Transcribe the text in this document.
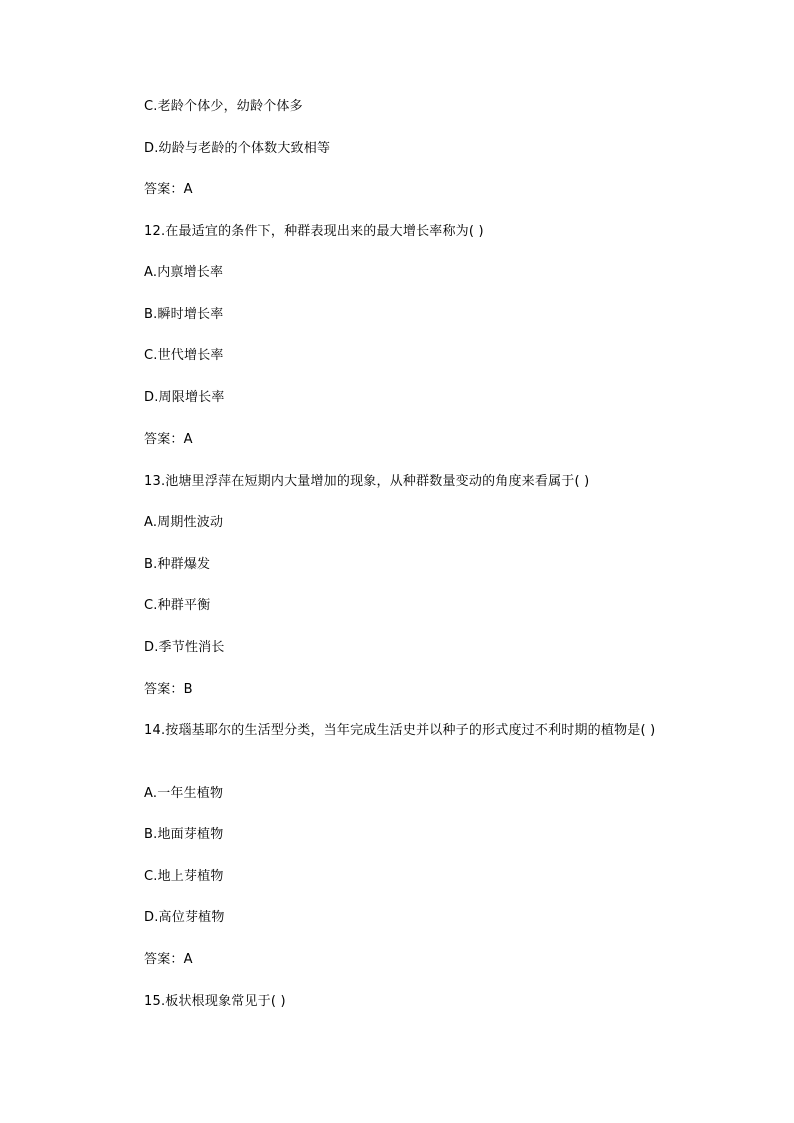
C.老龄个体少，幼龄个体多
D.幼龄与老龄的个体数大致相等
答案：A
12.在最适宜的条件下，种群表现出来的最大增长率称为( )
A.内禀增长率
B.瞬时增长率
C.世代增长率
D.周限增长率
答案：A
13.池塘里浮萍在短期内大量增加的现象，从种群数量变动的角度来看属于( )
A.周期性波动
B.种群爆发
C.种群平衡
D.季节性消长
答案：B
14.按瑙基耶尔的生活型分类，当年完成生活史并以种子的形式度过不利时期的植物是( )
A.一年生植物
B.地面芽植物
C.地上芽植物
D.高位芽植物
答案：A
15.板状根现象常见于( )
